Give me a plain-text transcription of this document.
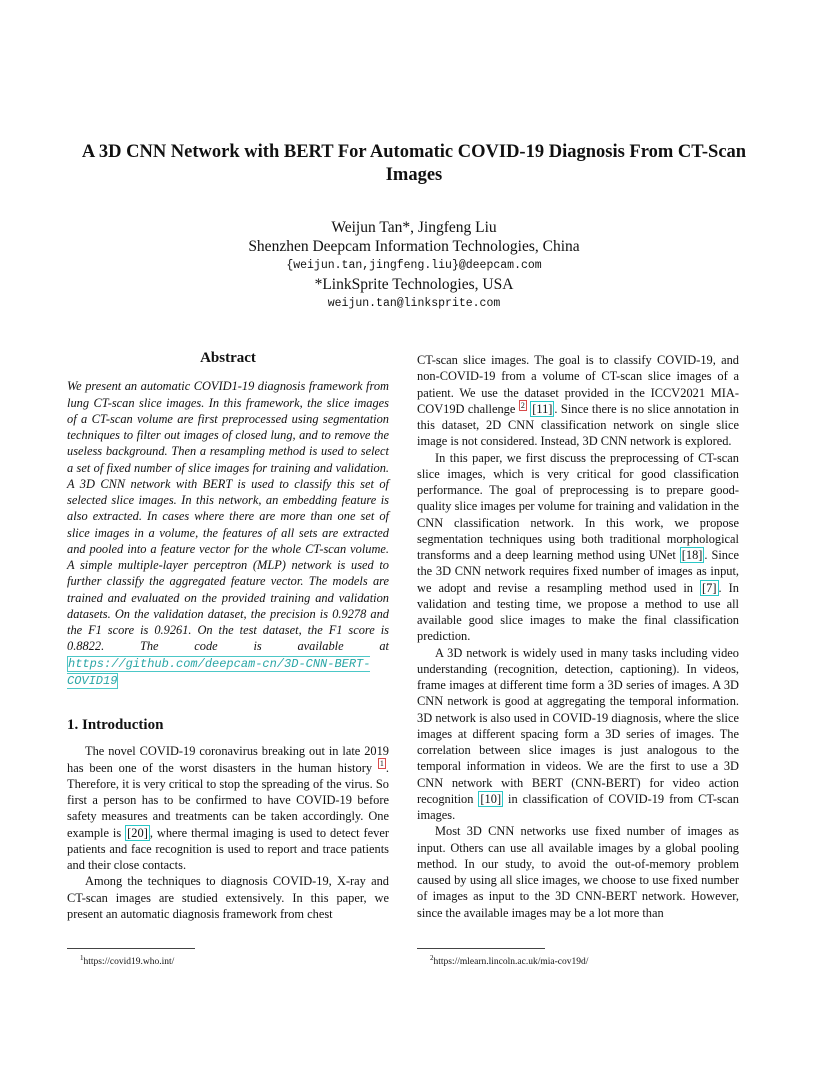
A 3D CNN Network with BERT For Automatic COVID-19 Diagnosis From CT-Scan Images
Weijun Tan*, Jingfeng Liu
Shenzhen Deepcam Information Technologies, China
{weijun.tan,jingfeng.liu}@deepcam.com
*LinkSprite Technologies, USA
weijun.tan@linksprite.com
Abstract

We present an automatic COVID1-19 diagnosis framework from lung CT-scan slice images. In this framework, the slice images of a CT-scan volume are first preprocessed using segmentation techniques to filter out images of closed lung, and to remove the useless background. Then a resampling method is used to select a set of fixed number of slice images for training and validation. A 3D CNN network with BERT is used to classify this set of selected slice images. In this network, an embedding feature is also extracted. In cases where there are more than one set of slice images in a volume, the features of all sets are extracted and pooled into a feature vector for the whole CT-scan volume. A simple multiple-layer perceptron (MLP) network is used to further classify the aggregated feature vector. The models are trained and evaluated on the provided training and validation datasets. On the validation dataset, the precision is 0.9278 and the F1 score is 0.9261. On the test dataset, the F1 score is 0.8822. The code is available at https://github.com/deepcam-cn/3D-CNN-BERT-COVID19

1. Introduction

The novel COVID-19 coronavirus breaking out in late 2019 has been one of the worst disasters in the human history $^1$ . Therefore, it is very critical to stop the spreading of the virus. So first a person has to be confirmed to have COVID-19 before safety measures and treatments can be taken accordingly. One example is [20] , where thermal imaging is used to detect fever patients and face recognition is used to report and trace patients and their close contacts.

Among the techniques to diagnosis COVID-19, X-ray and CT-scan images are studied extensively. In this paper, we present an automatic diagnosis framework from chest

CT-scan slice images. The goal is to classify COVID-19, and non-COVID-19 from a volume of CT-scan slice images of a patient. We use the dataset provided in the ICCV2021 MIA-COV19D challenge $^2$ [11] . Since there is no slice annotation in this dataset, 2D CNN classification network on single slice image is not considered. Instead, 3D CNN network is explored.

In this paper, we first discuss the preprocessing of CT-scan slice images, which is very critical for good classification performance. The goal of preprocessing is to prepare good-quality slice images per volume for training and validation in the CNN classification network. In this work, we propose segmentation techniques using both traditional morphological transforms and a deep learning method using UNet [18] . Since the 3D CNN network requires fixed number of images as input, we adopt and revise a resampling method used in [7] . In validation and testing time, we propose a method to use all available good slice images to make the final classification prediction.

A 3D network is widely used in many tasks including video understanding (recognition, detection, captioning). In videos, frame images at different time form a 3D series of images. A 3D CNN network is good at aggregating the temporal information. 3D network is also used in COVID-19 diagnosis, where the slice images at different spacing form a 3D series of images. The correlation between slice images is just analogous to the temporal information in videos. We are the first to use a 3D CNN network with BERT (CNN-BERT) for video action recognition [10] in classification of COVID-19 from CT-scan images.

Most 3D CNN networks use fixed number of images as input. Others can use all available images by a global pooling method. In our study, to avoid the out-of-memory problem caused by using all slice images, we choose to use fixed number of images as input to the 3D CNN-BERT network. However, since the available images may be a lot more than

$^1$https://covid19.who.int/	$^2$https://mlearn.lincoln.ac.uk/mia-cov19d/
